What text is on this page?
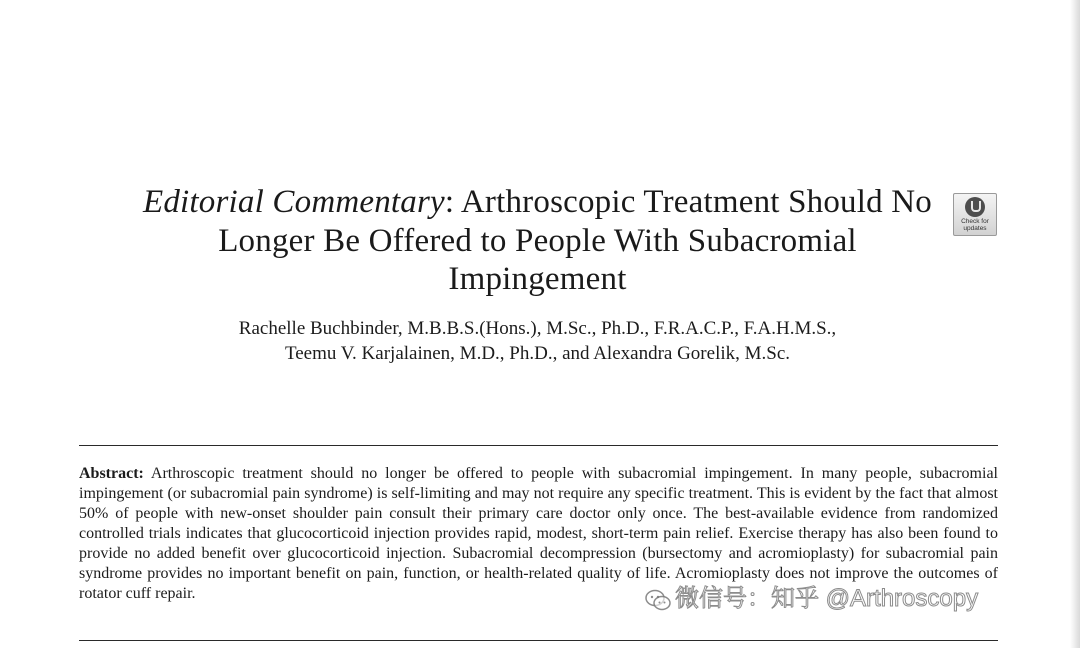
Editorial Commentary: Arthroscopic Treatment Should No Longer Be Offered to People With Subacromial Impingement
Check for
updates
Rachelle Buchbinder, M.B.B.S.(Hons.), M.Sc., Ph.D., F.R.A.C.P., F.A.H.M.S.,
Teemu V. Karjalainen, M.D., Ph.D., and Alexandra Gorelik, M.Sc.

Abstract: Arthroscopic treatment should no longer be offered to people with subacromial impingement. In many people, subacromial impingement (or subacromial pain syndrome) is self-limiting and may not require any specific treatment. This is evident by the fact that almost 50% of people with new-onset shoulder pain consult their primary care doctor only once. The best-available evidence from randomized controlled trials indicates that glucocorticoid injection provides rapid, modest, short-term pain relief. Exercise therapy has also been found to provide no added benefit over glucocorticoid injection. Subacromial decompression (bursectomy and acromioplasty) for subacromial pain syndrome provides no important benefit on pain, function, or health-related quality of life. Acromioplasty does not improve the outcomes of rotator cuff repair.	微信号：知乎 @Arthroscopy
